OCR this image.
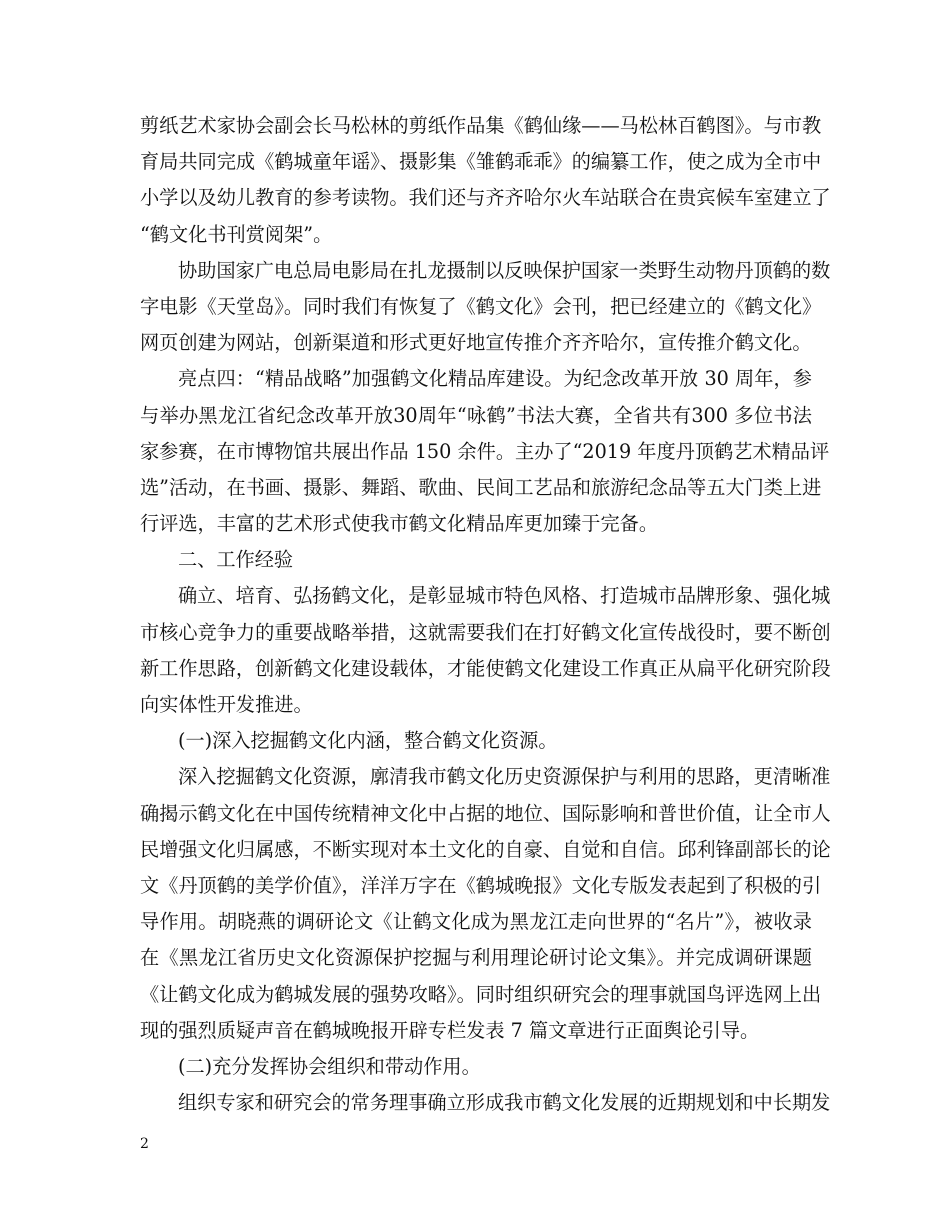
剪纸艺术家协会副会长马松林的剪纸作品集《鹤仙缘——马松林百鹤图》。与市教
育局共同完成《鹤城童年谣》、摄影集《雏鹤乖乖》的编纂工作，使之成为全市中
小学以及幼儿教育的参考读物。我们还与齐齐哈尔火车站联合在贵宾候车室建立了
“鹤文化书刊赏阅架”。
协助国家广电总局电影局在扎龙摄制以反映保护国家一类野生动物丹顶鹤的数
字电影《天堂岛》。同时我们有恢复了《鹤文化》会刊，把已经建立的《鹤文化》
网页创建为网站，创新渠道和形式更好地宣传推介齐齐哈尔，宣传推介鹤文化。
亮点四：“精品战略”加强鹤文化精品库建设。为纪念改革开放 30 周年，参
与举办黑龙江省纪念改革开放30周年“咏鹤”书法大赛，全省共有300 多位书法
家参赛，在市博物馆共展出作品 150 余件。主办了“2019 年度丹顶鹤艺术精品评
选”活动，在书画、摄影、舞蹈、歌曲、民间工艺品和旅游纪念品等五大门类上进
行评选，丰富的艺术形式使我市鹤文化精品库更加臻于完备。
二、工作经验
确立、培育、弘扬鹤文化，是彰显城市特色风格、打造城市品牌形象、强化城
市核心竞争力的重要战略举措，这就需要我们在打好鹤文化宣传战役时，要不断创
新工作思路，创新鹤文化建设载体，才能使鹤文化建设工作真正从扁平化研究阶段
向实体性开发推进。
(一)深入挖掘鹤文化内涵，整合鹤文化资源。
深入挖掘鹤文化资源，廓清我市鹤文化历史资源保护与利用的思路，更清晰准
确揭示鹤文化在中国传统精神文化中占据的地位、国际影响和普世价值，让全市人
民增强文化归属感，不断实现对本土文化的自豪、自觉和自信。邱利锋副部长的论
文《丹顶鹤的美学价值》，洋洋万字在《鹤城晚报》文化专版发表起到了积极的引
导作用。胡晓燕的调研论文《让鹤文化成为黑龙江走向世界的“名片”》，被收录
在《黑龙江省历史文化资源保护挖掘与利用理论研讨论文集》。并完成调研课题
《让鹤文化成为鹤城发展的强势攻略》。同时组织研究会的理事就国鸟评选网上出
现的强烈质疑声音在鹤城晚报开辟专栏发表 7 篇文章进行正面舆论引导。
(二)充分发挥协会组织和带动作用。
组织专家和研究会的常务理事确立形成我市鹤文化发展的近期规划和中长期发
2
